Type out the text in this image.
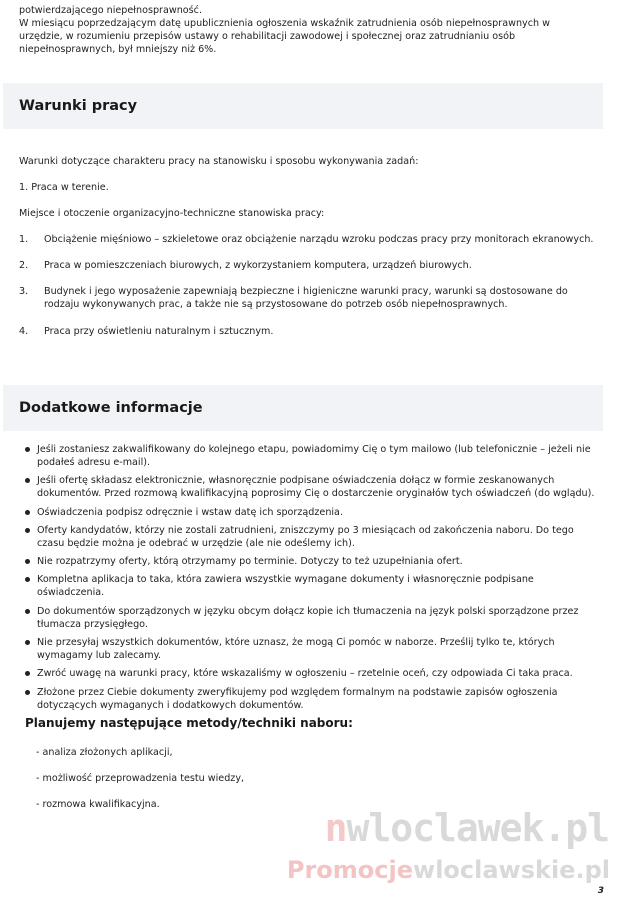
potwierdzającego niepełnosprawność.

W miesiącu poprzedzającym datę upublicznienia ogłoszenia wskaźnik zatrudnienia osób niepełnosprawnych w urzędzie, w rozumieniu przepisów ustawy o rehabilitacji zawodowej i społecznej oraz zatrudnianiu osób niepełnosprawnych, był mniejszy niż 6%.

Warunki pracy

Warunki dotyczące charakteru pracy na stanowisku i sposobu wykonywania zadań:

1. Praca w terenie.

Miejsce i otoczenie organizacyjno-techniczne stanowiska pracy:

1.	Obciążenie mięśniowo – szkieletowe oraz obciążenie narządu wzroku podczas pracy przy monitorach ekranowych.
2.	Praca w pomieszczeniach biurowych, z wykorzystaniem komputera, urządzeń biurowych.
3.	Budynek i jego wyposażenie zapewniają bezpieczne i higieniczne warunki pracy, warunki są dostosowane do rodzaju wykonywanych prac, a także nie są przystosowane do potrzeb osób niepełnosprawnych.
4.	Praca przy oświetleniu naturalnym i sztucznym.
Dodatkowe informacje
Jeśli zostaniesz zakwalifikowany do kolejnego etapu, powiadomimy Cię o tym mailowo (lub telefonicznie – jeżeli nie podałeś adresu e-mail).
Jeśli ofertę składasz elektronicznie, własnoręcznie podpisane oświadczenia dołącz w formie zeskanowanych dokumentów. Przed rozmową kwalifikacyjną poprosimy Cię o dostarczenie oryginałów tych oświadczeń (do wglądu).
Oświadczenia podpisz odręcznie i wstaw datę ich sporządzenia.
Oferty kandydatów, którzy nie zostali zatrudnieni, zniszczymy po 3 miesiącach od zakończenia naboru. Do tego czasu będzie można je odebrać w urzędzie (ale nie odeślemy ich).
Nie rozpatrzymy oferty, którą otrzymamy po terminie. Dotyczy to też uzupełniania ofert.
Kompletna aplikacja to taka, która zawiera wszystkie wymagane dokumenty i własnoręcznie podpisane oświadczenia.
Do dokumentów sporządzonych w języku obcym dołącz kopie ich tłumaczenia na język polski sporządzone przez tłumacza przysięgłego.
Nie przesyłaj wszystkich dokumentów, które uznasz, że mogą Ci pomóc w naborze. Prześlij tylko te, których wymagamy lub zalecamy.
Zwróć uwagę na warunki pracy, które wskazaliśmy w ogłoszeniu – rzetelnie oceń, czy odpowiada Ci taka praca.
Złożone przez Ciebie dokumenty zweryfikujemy pod względem formalnym na podstawie zapisów ogłoszenia dotyczących wymaganych i dodatkowych dokumentów.
Planujemy następujące metody/techniki naboru:

- analiza złożonych aplikacji,

- możliwość przeprowadzenia testu wiedzy,

- rozmowa kwalifikacyjna.

nwloclawek.pl
Promocjewloclawskie.pl
3
